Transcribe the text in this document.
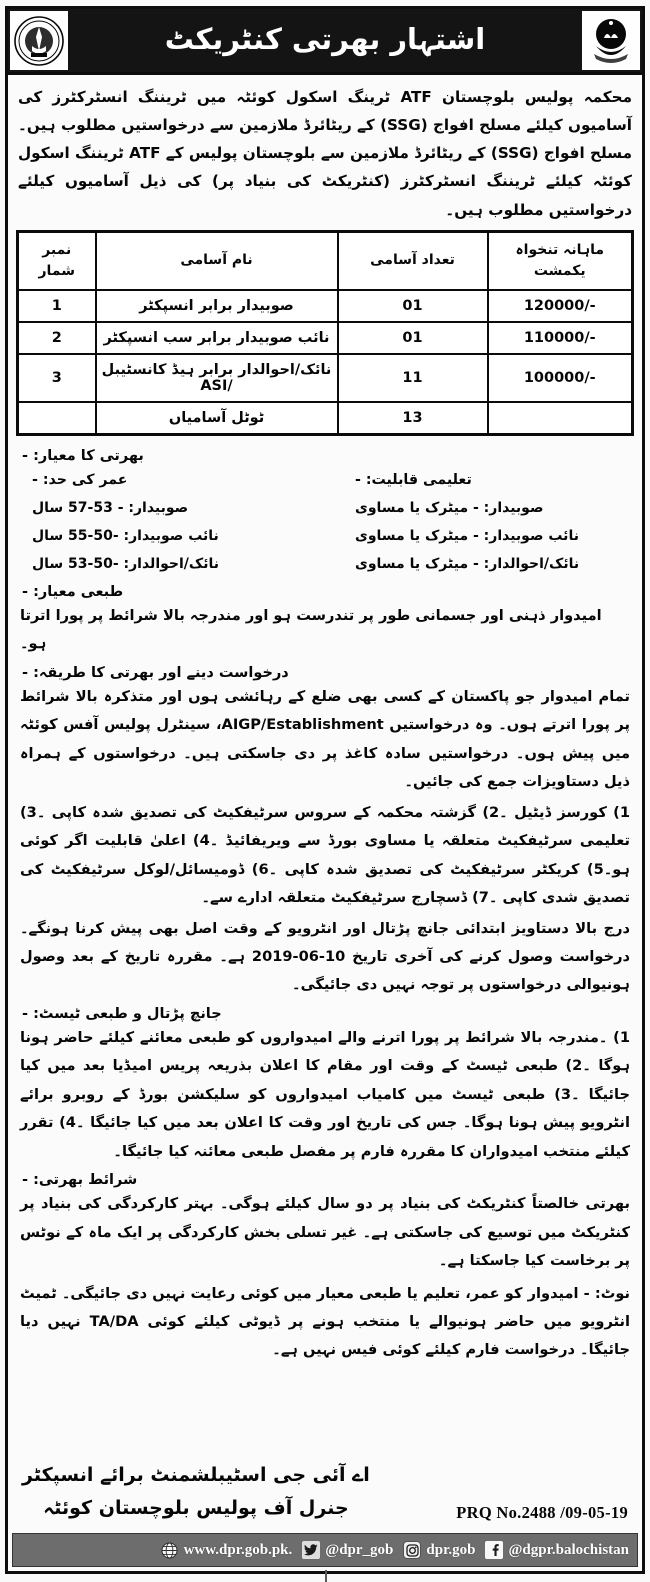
اشتہار بھرتی کنٹریکٹ
محکمہ پولیس بلوچستان ATF ٹرینگ اسکول کوئٹہ میں ٹریننگ انسٹرکٹرز کی آسامیوں کیلئے مسلح افواج (SSG) کے ریٹائرڈ ملازمین سے درخواستیں مطلوب ہیں۔ مسلح افواج (SSG) کے ریٹائرڈ ملازمین سے بلوچستان پولیس کے ATF ٹریننگ اسکول کوئٹہ کیلئے ٹریننگ انسٹرکٹرز (کنٹریکٹ کی بنیاد پر) کی ذیل آسامیوں کیلئے درخواستیں مطلوب ہیں۔
ماہانہ تنخواہ یکمشت	تعداد آسامی	نام آسامی	نمبر شمار
120000/-	01	صوبیدار برابر انسپکٹر	1
110000/-	01	نائب صوبیدار برابر سب انسپکٹر	2
100000/-	11	نائک/احوالدار برابر ہیڈ کانسٹیبل /ASI	3
	13	ٹوٹل آسامیاں	
بھرتی کا معیار: -
تعلیمی قابلیت: -
صوبیدار: - میٹرک یا مساوی
نائب صوبیدار: - میٹرک یا مساوی
نائک/احوالدار: - میٹرک یا مساوی
عمر کی حد: -
صوبیدار: - 53-57 سال
نائب صوبیدار: -50-55 سال
نائک/احوالدار: -50-53 سال
طبعی معیار: -
امیدوار ذہنی اور جسمانی طور پر تندرست ہو اور مندرجہ بالا شرائط پر پورا اترتا ہو۔
درخواست دینے اور بھرتی کا طریقہ: -
تمام امیدوار جو پاکستان کے کسی بھی ضلع کے رہائشی ہوں اور متذکرہ بالا شرائط پر پورا اترتے ہوں۔ وہ درخواستیں AIGP/Establishment، سینٹرل پولیس آفس کوئٹہ میں پیش ہوں۔ درخواستیں سادہ کاغذ پر دی جاسکتی ہیں۔ درخواستوں کے ہمراہ ذیل دستاویزات جمع کی جائیں۔
1) کورسز ڈیٹیل ۔2) گزشتہ محکمہ کے سروس سرٹیفکیٹ کی تصدیق شدہ کاپی ۔3) تعلیمی سرٹیفکیٹ متعلقہ یا مساوی بورڈ سے ویریفائیڈ ۔4) اعلیٰ قابلیت اگر کوئی ہو۔5) کریکٹر سرٹیفکیٹ کی تصدیق شدہ کاپی ۔6) ڈومیسائل/لوکل سرٹیفکیٹ کی تصدیق شدی کاپی ۔7) ڈسچارج سرٹیفکیٹ متعلقہ ادارے سے۔
درج بالا دستاویز ابتدائی جانچ پڑتال اور انٹرویو کے وقت اصل بھی پیش کرنا ہونگے۔ درخواست وصول کرنے کی آخری تاریخ 10-06-2019 ہے۔ مقررہ تاریخ کے بعد وصول ہونیوالی درخواستوں پر توجہ نہیں دی جائیگی۔
جانچ پڑتال و طبعی ٹیسٹ: -
1) ۔مندرجہ بالا شرائط پر پورا اترنے والے امیدواروں کو طبعی معائنے کیلئے حاضر ہونا ہوگا ۔2) طبعی ٹیسٹ کے وقت اور مقام کا اعلان بذریعہ پریس امیڈیا بعد میں کیا جائیگا ۔3) طبعی ٹیسٹ میں کامیاب امیدواروں کو سلیکشن بورڈ کے روبرو برائے انٹرویو پیش ہونا ہوگا۔ جس کی تاریخ اور وقت کا اعلان بعد میں کیا جائیگا ۔4) تقرر کیلئے منتخب امیدواران کا مقررہ فارم پر مفصل طبعی معائنہ کیا جائیگا۔
شرائط بھرتی: -
بھرتی خالصتاً کنٹریکٹ کی بنیاد پر دو سال کیلئے ہوگی۔ بہتر کارکردگی کی بنیاد پر کنٹریکٹ میں توسیع کی جاسکتی ہے۔ غیر تسلی بخش کارکردگی پر ایک ماہ کے نوٹس پر برخاست کیا جاسکتا ہے۔
نوٹ: - امیدوار کو عمر، تعلیم یا طبعی معیار میں کوئی رعایت نہیں دی جائیگی۔ ٹمیٹ انٹرویو میں حاضر ہونیوالے یا منتخب ہونے پر ڈیوٹی کیلئے کوئی TA/DA نہیں دیا جائیگا۔ درخواست فارم کیلئے کوئی فیس نہیں ہے۔
PRQ No.2488 /09-05-19
اے آئی جی اسٹیبلشمنٹ برائے انسپکٹر
جنرل آف پولیس بلوچستان کوئٹہ
www.dpr.gob.pk. @dpr_gob dpr.gob @dgpr.balochistan
